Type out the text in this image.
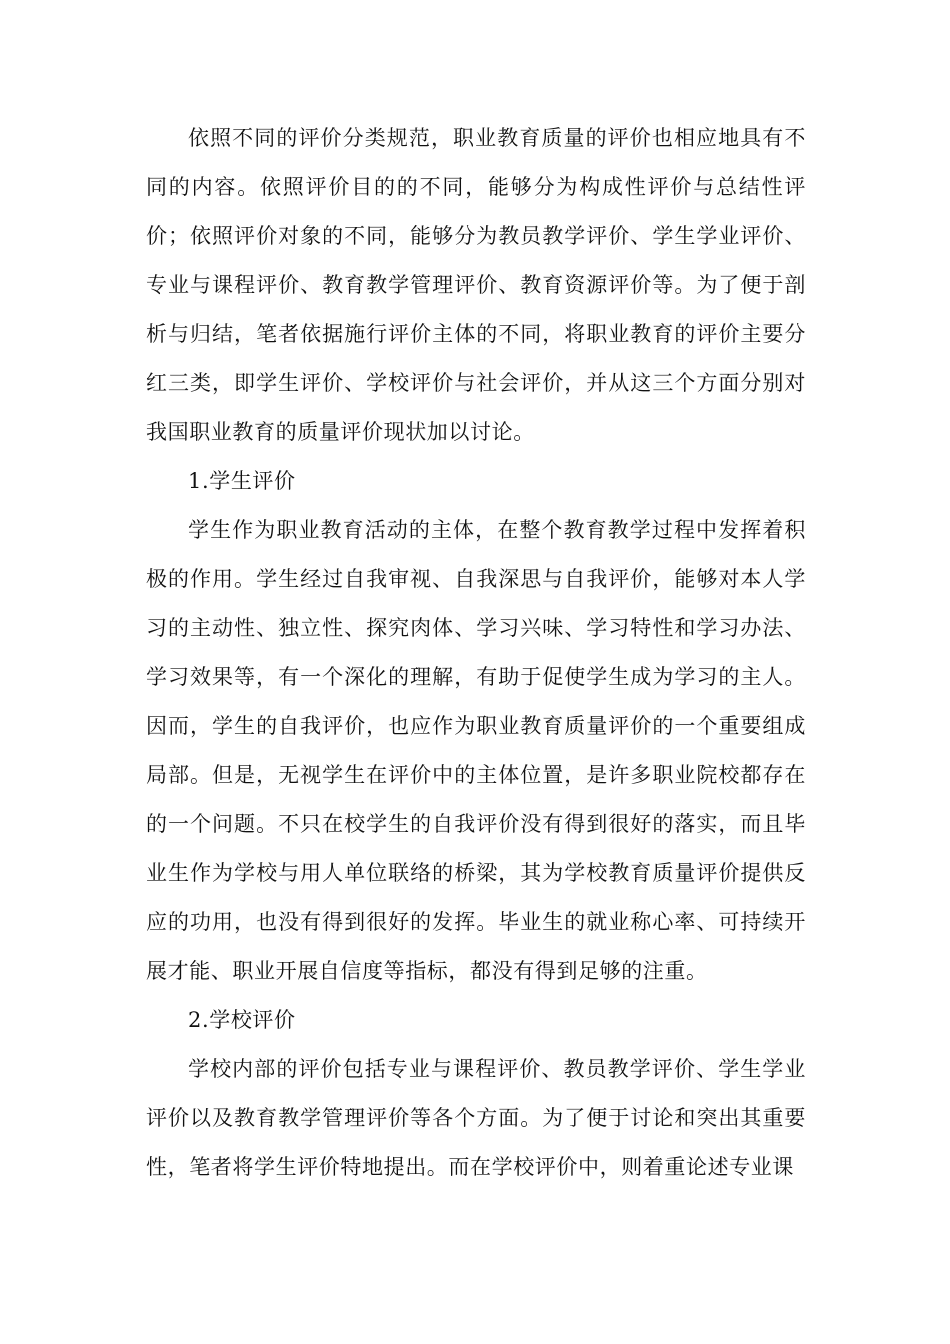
依照不同的评价分类规范，职业教育质量的评价也相应地具有不同的内容。依照评价目的的不同，能够分为构成性评价与总结性评价；依照评价对象的不同，能够分为教员教学评价、学生学业评价、专业与课程评价、教育教学管理评价、教育资源评价等。为了便于剖析与归结，笔者依据施行评价主体的不同，将职业教育的评价主要分红三类，即学生评价、学校评价与社会评价，并从这三个方面分别对我国职业教育的质量评价现状加以讨论。

1.学生评价

学生作为职业教育活动的主体，在整个教育教学过程中发挥着积极的作用。学生经过自我审视、自我深思与自我评价，能够对本人学习的主动性、独立性、探究肉体、学习兴味、学习特性和学习办法、学习效果等，有一个深化的理解，有助于促使学生成为学习的主人。因而，学生的自我评价，也应作为职业教育质量评价的一个重要组成局部。但是，无视学生在评价中的主体位置，是许多职业院校都存在的一个问题。不只在校学生的自我评价没有得到很好的落实，而且毕业生作为学校与用人单位联络的桥梁，其为学校教育质量评价提供反应的功用，也没有得到很好的发挥。毕业生的就业称心率、可持续开展才能、职业开展自信度等指标，都没有得到足够的注重。

2.学校评价

学校内部的评价包括专业与课程评价、教员教学评价、学生学业评价以及教育教学管理评价等各个方面。为了便于讨论和突出其重要性，笔者将学生评价特地提出。而在学校评价中，则着重论述专业课
